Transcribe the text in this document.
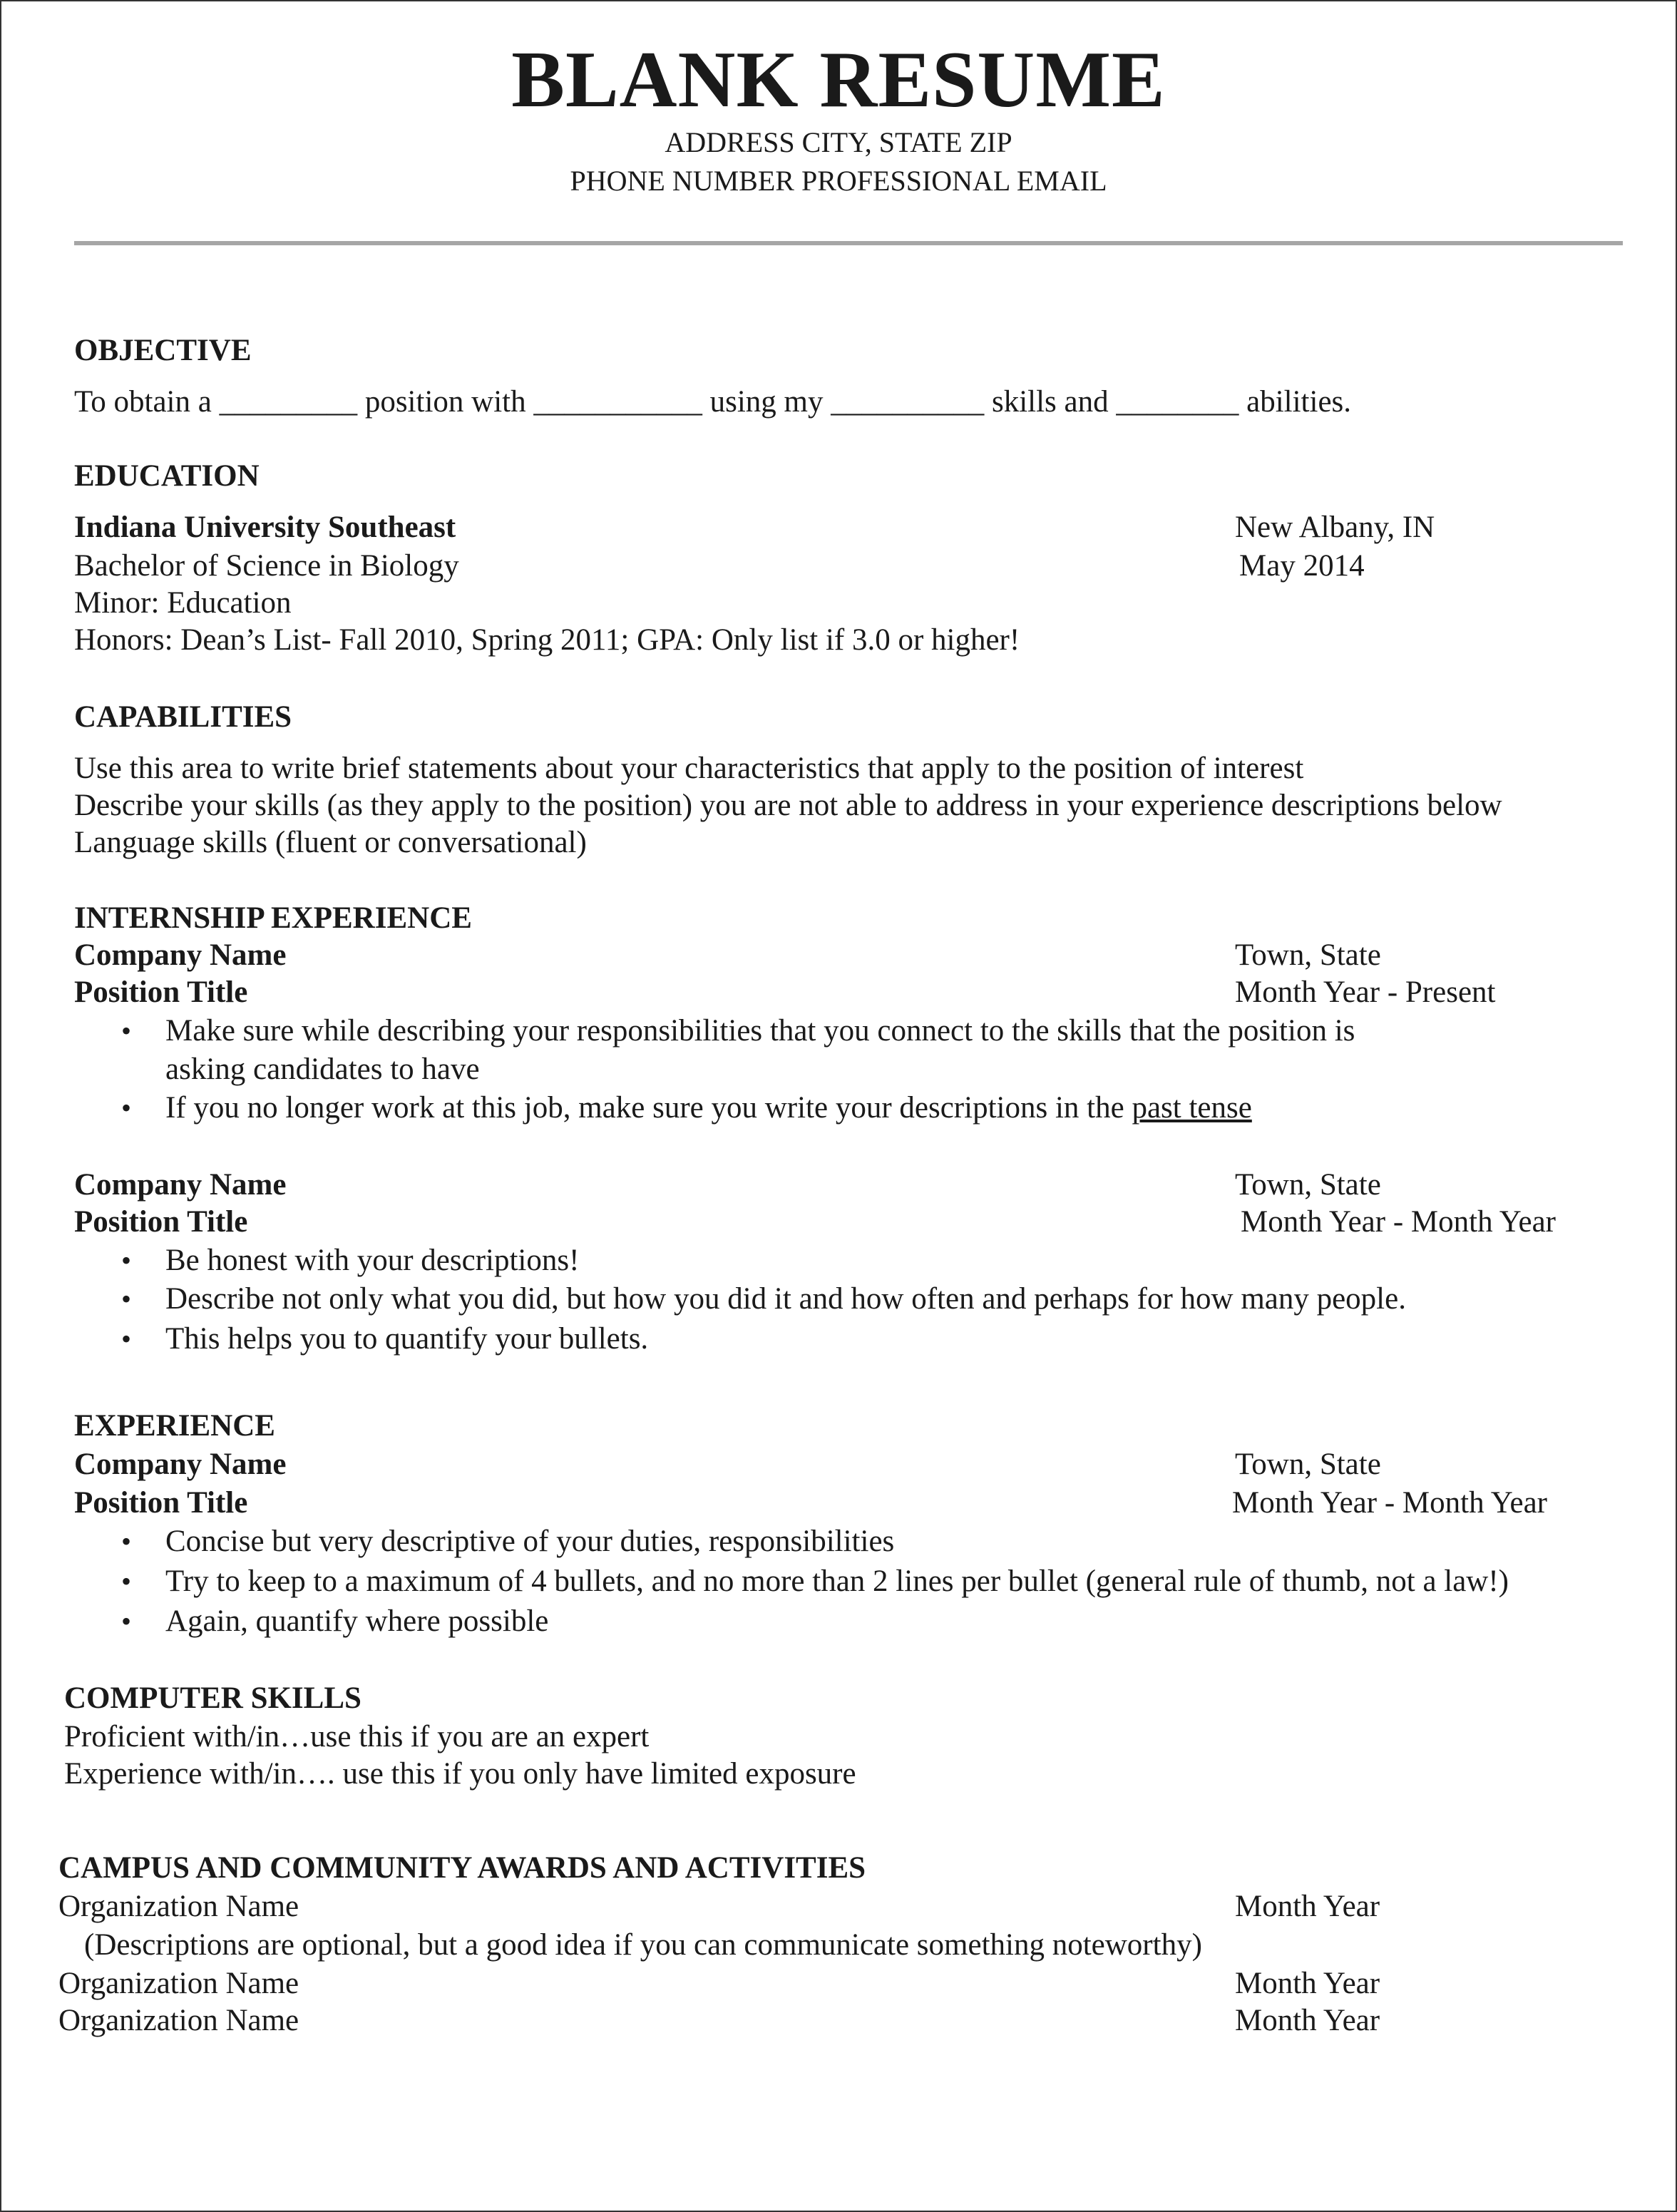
BLANK RESUME
ADDRESS CITY, STATE ZIP
PHONE NUMBER PROFESSIONAL EMAIL
OBJECTIVE
To obtain a _________ position with ___________ using my __________ skills and ________ abilities.
EDUCATION
Indiana University Southeast	New Albany, IN
Bachelor of Science in Biology	May 2014
Minor: Education
Honors: Dean’s List- Fall 2010, Spring 2011; GPA: Only list if 3.0 or higher!
CAPABILITIES
Use this area to write brief statements about your characteristics that apply to the position of interest
Describe your skills (as they apply to the position) you are not able to address in your experience descriptions below
Language skills (fluent or conversational)
INTERNSHIP EXPERIENCE
Company Name	Town, State
Position Title	Month Year - Present
• Make sure while describing your responsibilities that you connect to the skills that the position is
asking candidates to have
• If you no longer work at this job, make sure you write your descriptions in the past tense
Company Name	Town, State
Position Title	Month Year - Month Year
• Be honest with your descriptions!
• Describe not only what you did, but how you did it and how often and perhaps for how many people.
• This helps you to quantify your bullets.
EXPERIENCE
Company Name	Town, State
Position Title	Month Year - Month Year
• Concise but very descriptive of your duties, responsibilities
• Try to keep to a maximum of 4 bullets, and no more than 2 lines per bullet (general rule of thumb, not a law!)
• Again, quantify where possible
COMPUTER SKILLS
Proficient with/in…use this if you are an expert
Experience with/in…. use this if you only have limited exposure
CAMPUS AND COMMUNITY AWARDS AND ACTIVITIES
Organization Name	Month Year
(Descriptions are optional, but a good idea if you can communicate something noteworthy)
Organization Name	Month Year
Organization Name	Month Year
